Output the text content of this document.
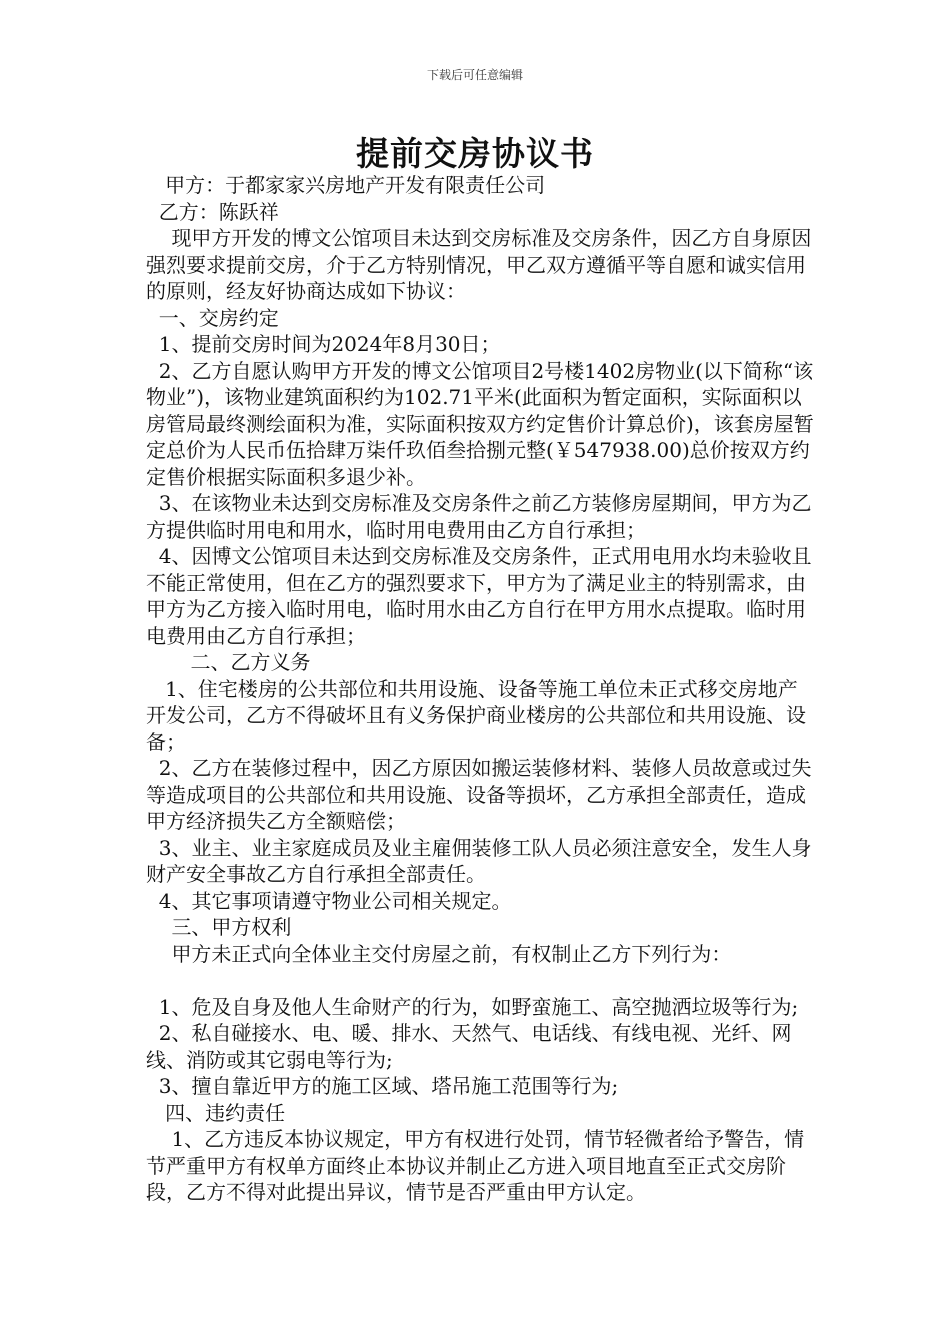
下载后可任意编辑
提前交房协议书

甲方：于都家家兴房地产开发有限责任公司

乙方：陈跃祥

现甲方开发的博文公馆项目未达到交房标准及交房条件，因乙方自身原因强烈要求提前交房，介于乙方特别情况，甲乙双方遵循平等自愿和诚实信用的原则，经友好协商达成如下协议：

一、交房约定

1、提前交房时间为2024年8月30日；

2、乙方自愿认购甲方开发的博文公馆项目2号楼1402房物业(以下简称“该物业”)，该物业建筑面积约为102.71平米(此面积为暂定面积，实际面积以房管局最终测绘面积为准，实际面积按双方约定售价计算总价)，该套房屋暂定总价为人民币伍拾肆万柒仟玖佰叁拾捌元整(￥547938.00)总价按双方约定售价根据实际面积多退少补。

3、在该物业未达到交房标准及交房条件之前乙方装修房屋期间，甲方为乙方提供临时用电和用水，临时用电费用由乙方自行承担；

4、因博文公馆项目未达到交房标准及交房条件，正式用电用水均未验收且不能正常使用，但在乙方的强烈要求下，甲方为了满足业主的特别需求，由甲方为乙方接入临时用电，临时用水由乙方自行在甲方用水点提取。临时用电费用由乙方自行承担；

二、乙方义务

1、住宅楼房的公共部位和共用设施、设备等施工单位未正式移交房地产开发公司，乙方不得破坏且有义务保护商业楼房的公共部位和共用设施、设备；

2、乙方在装修过程中，因乙方原因如搬运装修材料、装修人员故意或过失等造成项目的公共部位和共用设施、设备等损坏，乙方承担全部责任，造成甲方经济损失乙方全额赔偿；

3、业主、业主家庭成员及业主雇佣装修工队人员必须注意安全，发生人身财产安全事故乙方自行承担全部责任。

4、其它事项请遵守物业公司相关规定。

三、甲方权利

甲方未正式向全体业主交付房屋之前，有权制止乙方下列行为：

1、危及自身及他人生命财产的行为，如野蛮施工、高空抛洒垃圾等行为;

2、私自碰接水、电、暖、排水、天然气、电话线、有线电视、光纤、网线、消防或其它弱电等行为;

3、擅自靠近甲方的施工区域、塔吊施工范围等行为;

四、违约责任

1、乙方违反本协议规定，甲方有权进行处罚，情节轻微者给予警告，情节严重甲方有权单方面终止本协议并制止乙方进入项目地直至正式交房阶段，乙方不得对此提出异议，情节是否严重由甲方认定。
